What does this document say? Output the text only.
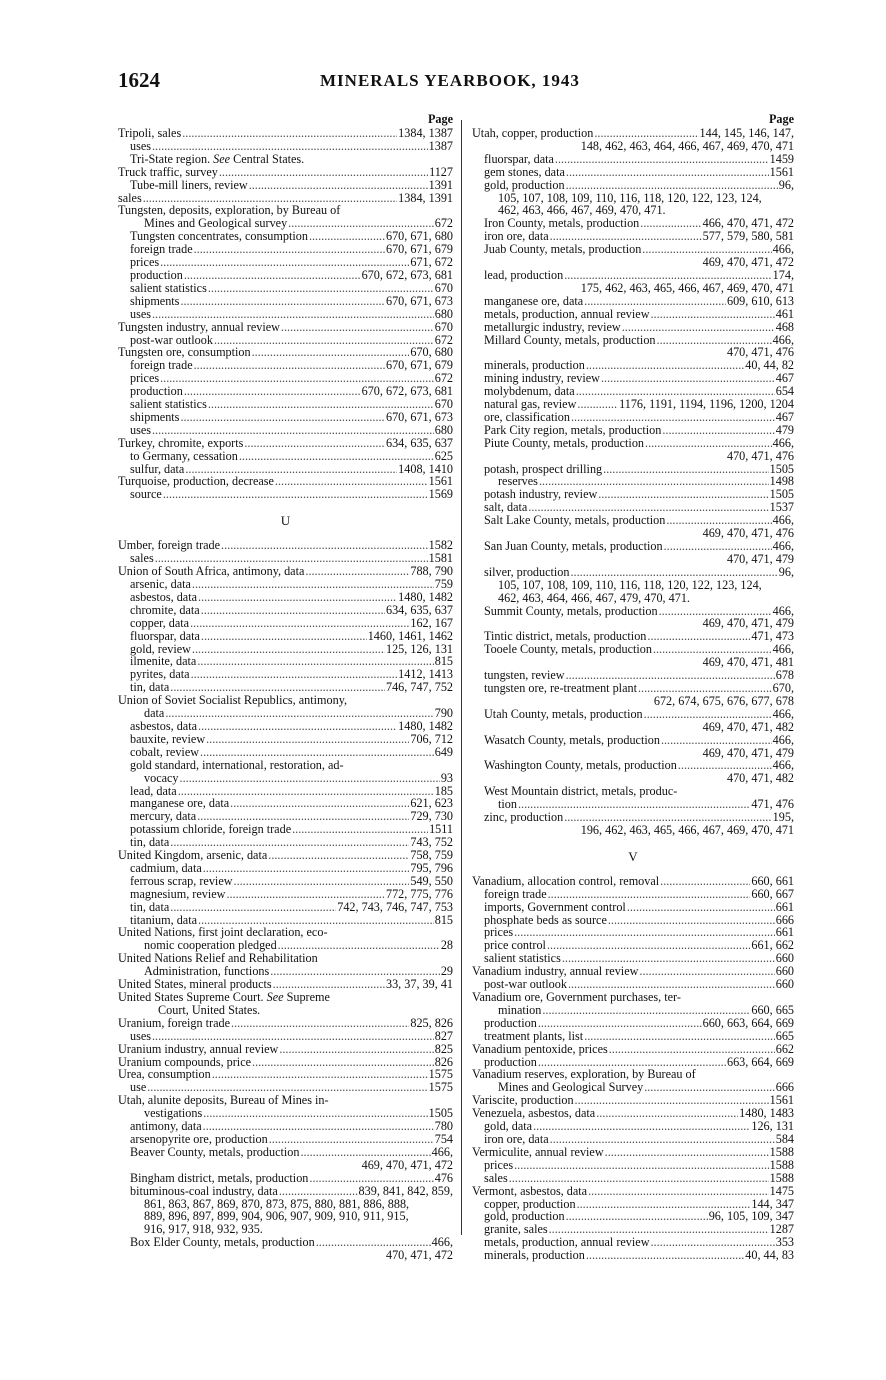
1624	MINERALS YEARBOOK, 1943
Page
Tripoli, sales .....	1384, 1387
uses .....	1387
Tri-State region. See Central States.
Truck traffic, survey .....	1127
Tube-mill liners, review .....	1391
sales .....	1384, 1391
Tungsten, deposits, exploration, by Bureau of
Mines and Geological survey .....	672
Tungsten concentrates, consumption .....	670, 671, 680
foreign trade .....	670, 671, 679
prices .....	671, 672
production .....	670, 672, 673, 681
salient statistics .....	670
shipments .....	670, 671, 673
uses .....	680
Tungsten industry, annual review .....	670
post-war outlook .....	672
Tungsten ore, consumption .....	670, 680
foreign trade .....	670, 671, 679
prices .....	672
production .....	670, 672, 673, 681
salient statistics .....	670
shipments .....	670, 671, 673
uses .....	680
Turkey, chromite, exports .....	634, 635, 637
to Germany, cessation .....	625
sulfur, data .....	1408, 1410
Turquoise, production, decrease .....	1561
source .....	1569
U
Umber, foreign trade .....	1582
sales .....	1581
Union of South Africa, antimony, data .....	788, 790
arsenic, data .....	759
asbestos, data .....	1480, 1482
chromite, data .....	634, 635, 637
copper, data .....	162, 167
fluorspar, data .....	1460, 1461, 1462
gold, review .....	125, 126, 131
ilmenite, data .....	815
pyrites, data .....	1412, 1413
tin, data .....	746, 747, 752
Union of Soviet Socialist Republics, antimony,
data .....	790
asbestos, data .....	1480, 1482
bauxite, review .....	706, 712
cobalt, review .....	649
gold standard, international, restoration, ad-
vocacy .....	93
lead, data .....	185
manganese ore, data .....	621, 623
mercury, data .....	729, 730
potassium chloride, foreign trade .....	1511
tin, data .....	743, 752
United Kingdom, arsenic, data .....	758, 759
cadmium, data .....	795, 796
ferrous scrap, review .....	549, 550
magnesium, review .....	772, 775, 776
tin, data .....	742, 743, 746, 747, 753
titanium, data .....	815
United Nations, first joint declaration, eco-
nomic cooperation pledged .....	28
United Nations Relief and Rehabilitation
Administration, functions .....	29
United States, mineral products .....	33, 37, 39, 41
United States Supreme Court. See Supreme
Court, United States.
Uranium, foreign trade .....	825, 826
uses .....	827
Uranium industry, annual review .....	825
Uranium compounds, price .....	826
Urea, consumption .....	1575
use .....	1575
Utah, alunite deposits, Bureau of Mines in-
vestigations .....	1505
antimony, data .....	780
arsenopyrite ore, production .....	754
Beaver County, metals, production .....	466,
469, 470, 471, 472
Bingham district, metals, production .....	476
bituminous-coal industry, data .....	839, 841, 842, 859,
861, 863, 867, 869, 870, 873, 875, 880, 881, 886, 888,
889, 896, 897, 899, 904, 906, 907, 909, 910, 911, 915,
916, 917, 918, 932, 935.
Box Elder County, metals, production .....	466,
470, 471, 472
Page
Utah, copper, production .....	144, 145, 146, 147,
148, 462, 463, 464, 466, 467, 469, 470, 471
fluorspar, data .....	1459
gem stones, data .....	1561
gold, production .....	96,
105, 107, 108, 109, 110, 116, 118, 120, 122, 123, 124,
462, 463, 466, 467, 469, 470, 471.
Iron County, metals, production .....	466, 470, 471, 472
iron ore, data .....	577, 579, 580, 581
Juab County, metals, production .....	466,
469, 470, 471, 472
lead, production .....	174,
175, 462, 463, 465, 466, 467, 469, 470, 471
manganese ore, data .....	609, 610, 613
metals, production, annual review .....	461
metallurgic industry, review .....	468
Millard County, metals, production .....	466,
470, 471, 476
minerals, production .....	40, 44, 82
mining industry, review .....	467
molybdenum, data .....	654
natural gas, review .....	1176, 1191, 1194, 1196, 1200, 1204
ore, classification .....	467
Park City region, metals, production .....	479
Piute County, metals, production .....	466,
470, 471, 476
potash, prospect drilling .....	1505
reserves .....	1498
potash industry, review .....	1505
salt, data .....	1537
Salt Lake County, metals, production .....	466,
469, 470, 471, 476
San Juan County, metals, production .....	466,
470, 471, 479
silver, production .....	96,
105, 107, 108, 109, 110, 116, 118, 120, 122, 123, 124,
462, 463, 464, 466, 467, 479, 470, 471.
Summit County, metals, production .....	466,
469, 470, 471, 479
Tintic district, metals, production .....	471, 473
Tooele County, metals, production .....	466,
469, 470, 471, 481
tungsten, review .....	678
tungsten ore, re-treatment plant .....	670,
672, 674, 675, 676, 677, 678
Utah County, metals, production .....	466,
469, 470, 471, 482
Wasatch County, metals, production .....	466,
469, 470, 471, 479
Washington County, metals, production .....	466,
470, 471, 482
West Mountain district, metals, produc-
tion .....	471, 476
zinc, production .....	195,
196, 462, 463, 465, 466, 467, 469, 470, 471
V
Vanadium, allocation control, removal .....	660, 661
foreign trade .....	660, 667
imports, Government control .....	661
phosphate beds as source .....	666
prices .....	661
price control .....	661, 662
salient statistics .....	660
Vanadium industry, annual review .....	660
post-war outlook .....	660
Vanadium ore, Government purchases, ter-
mination .....	660, 665
production .....	660, 663, 664, 669
treatment plants, list .....	665
Vanadium pentoxide, prices .....	662
production .....	663, 664, 669
Vanadium reserves, exploration, by Bureau of
Mines and Geological Survey .....	666
Variscite, production .....	1561
Venezuela, asbestos, data .....	1480, 1483
gold, data .....	126, 131
iron ore, data .....	584
Vermiculite, annual review .....	1588
prices .....	1588
sales .....	1588
Vermont, asbestos, data .....	1475
copper, production .....	144, 347
gold, production .....	96, 105, 109, 347
granite, sales .....	1287
metals, production, annual review .....	353
minerals, production .....	40, 44, 83
